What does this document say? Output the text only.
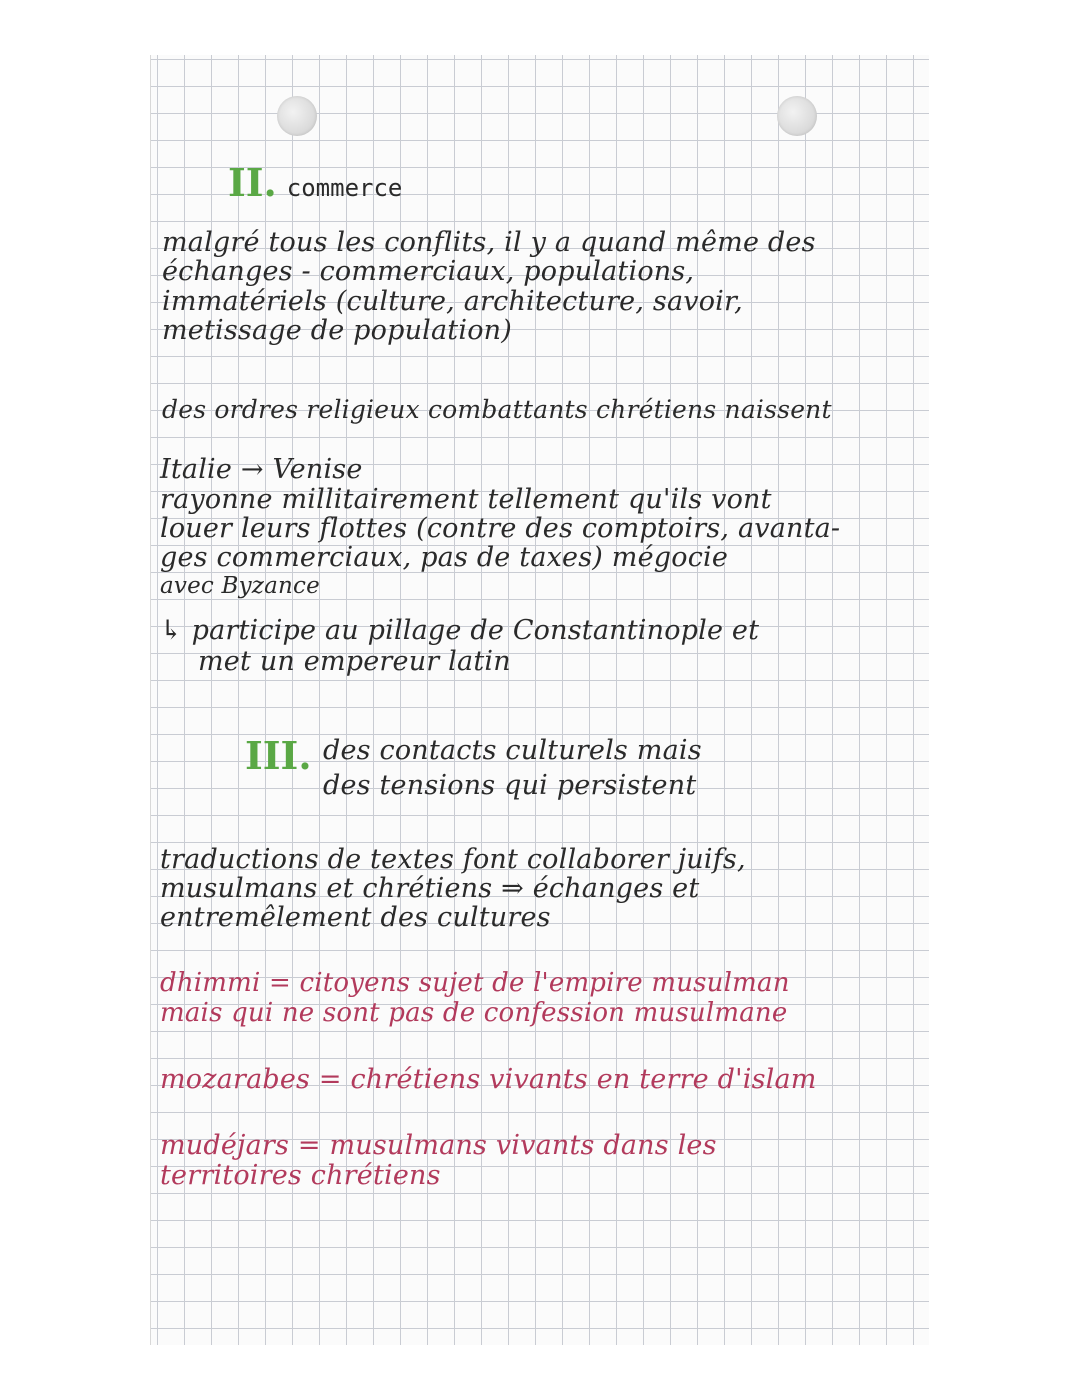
II. commerce
malgré tous les conflits, il y a quand même des
échanges - commerciaux, populations,
immatériels (culture, architecture, savoir,
metissage de population)
des ordres religieux combattants chrétiens naissent
Italie → Venise
rayonne millitairement tellement qu'ils vont
louer leurs flottes (contre des comptoirs, avanta-
ges commerciaux, pas de taxes) mégocie
avec Byzance
↳ participe au pillage de Constantinople et
met un empereur latin
III. des contacts culturels mais
des tensions qui persistent
traductions de textes font collaborer juifs,
musulmans et chrétiens ⇒ échanges et
entremêlement des cultures
dhimmi = citoyens sujet de l'empire musulman
mais qui ne sont pas de confession musulmane
mozarabes = chrétiens vivants en terre d'islam
mudéjars = musulmans vivants dans les
territoires chrétiens
